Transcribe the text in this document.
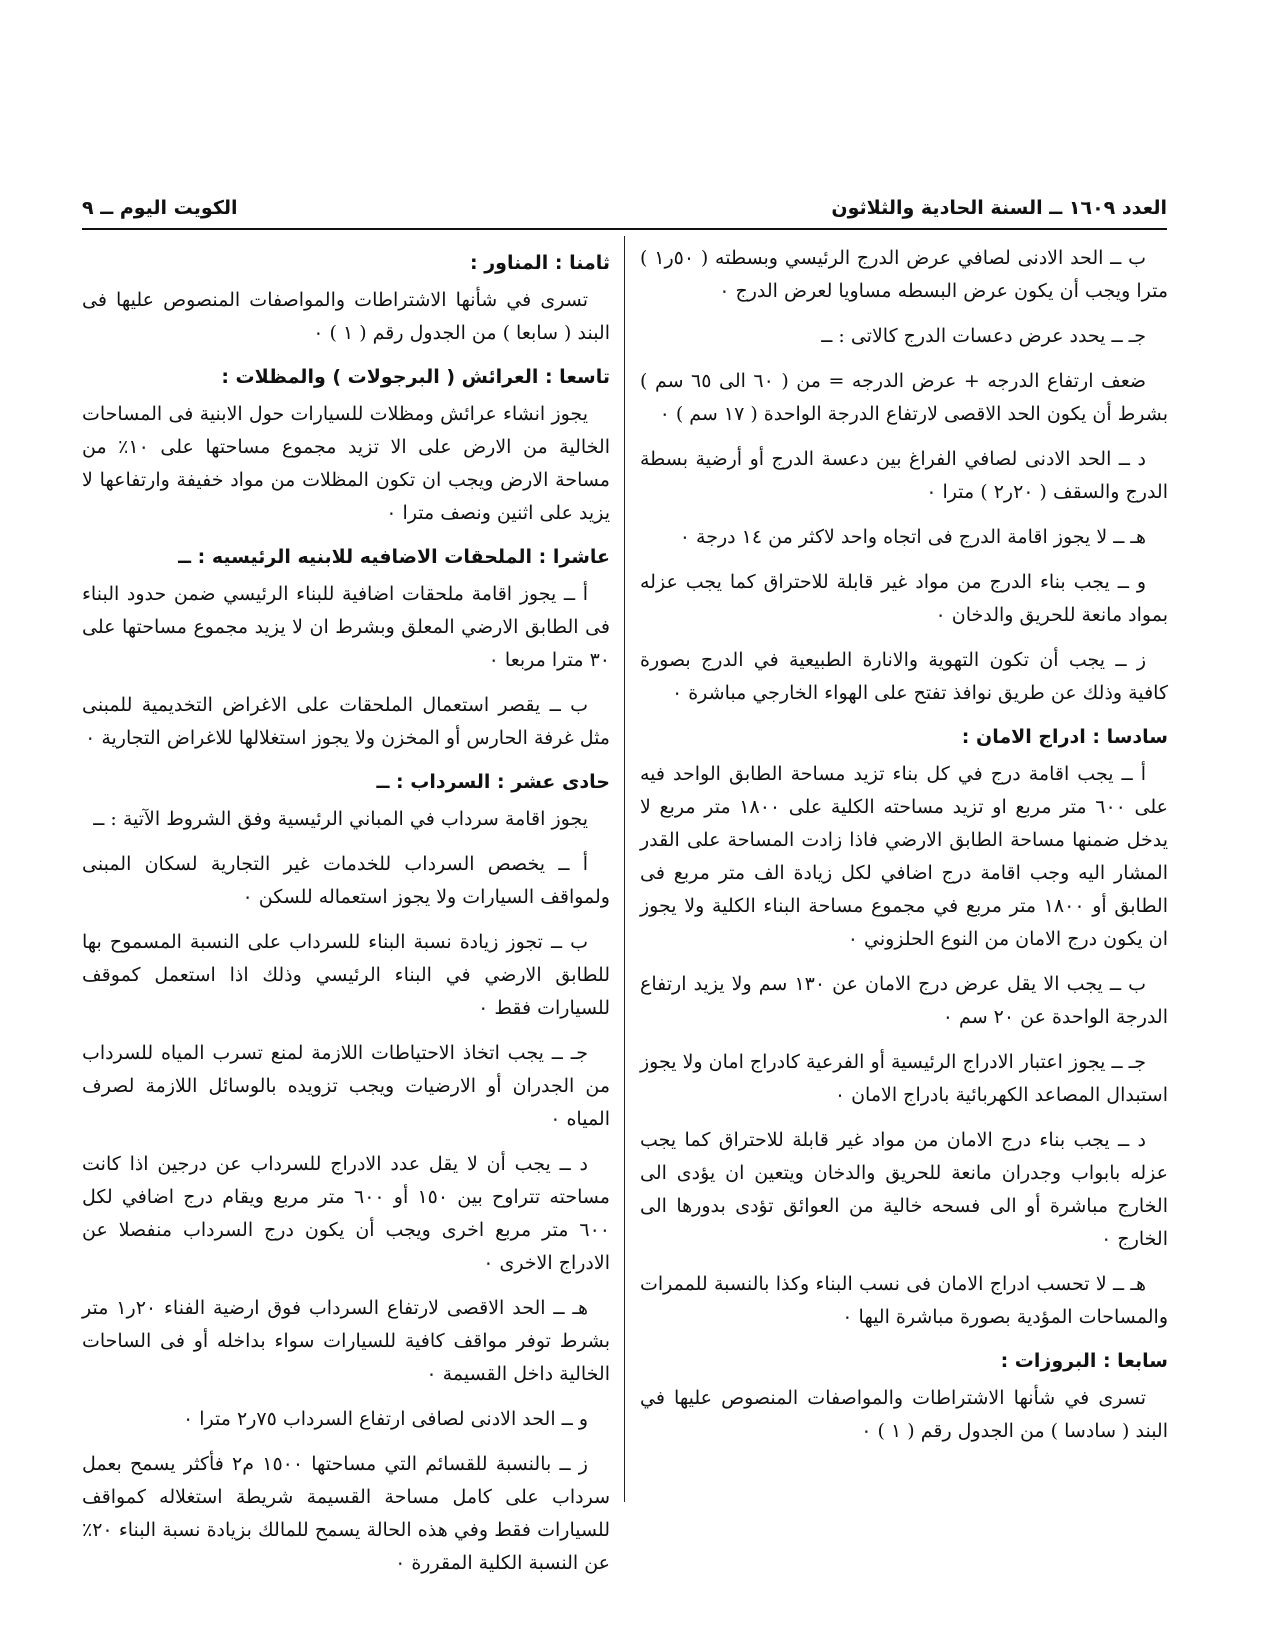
العدد ١٦٠٩ ــ السنة الحادية والثلاثون
الكويت اليوم ــ ٩

ب ــ الحد الادنى لصافي عرض الدرج الرئيسي وبسطته ( ٥٠ر١ ) مترا ويجب أن يكون عرض البسطه مساويا لعرض الدرج ٠

جـ ــ يحدد عرض دعسات الدرج كالاتى : ــ

ضعف ارتفاع الدرجه + عرض الدرجه = من ( ٦٠ الى ٦٥ سم ) بشرط أن يكون الحد الاقصى لارتفاع الدرجة الواحدة ( ١٧ سم ) ٠

د ــ الحد الادنى لصافي الفراغ بين دعسة الدرج أو أرضية بسطة الدرج والسقف ( ٢٠ر٢ ) مترا ٠

هـ ــ لا يجوز اقامة الدرج فى اتجاه واحد لاكثر من ١٤ درجة ٠

و ــ يجب بناء الدرج من مواد غير قابلة للاحتراق كما يجب عزله بمواد مانعة للحريق والدخان ٠

ز ــ يجب أن تكون التهوية والانارة الطبيعية في الدرج بصورة كافية وذلك عن طريق نوافذ تفتح على الهواء الخارجي مباشرة ٠

سادسا : ادراج الامان :

أ ــ يجب اقامة درج في كل بناء تزيد مساحة الطابق الواحد فيه على ٦٠٠ متر مربع او تزيد مساحته الكلية على ١٨٠٠ متر مربع لا يدخل ضمنها مساحة الطابق الارضي فاذا زادت المساحة على القدر المشار اليه وجب اقامة درج اضافي لكل زيادة الف متر مربع فى الطابق أو ١٨٠٠ متر مربع في مجموع مساحة البناء الكلية ولا يجوز ان يكون درج الامان من النوع الحلزوني ٠

ب ــ يجب الا يقل عرض درج الامان عن ١٣٠ سم ولا يزيد ارتفاع الدرجة الواحدة عن ٢٠ سم ٠

جـ ــ يجوز اعتبار الادراج الرئيسية أو الفرعية كادراج امان ولا يجوز استبدال المصاعد الكهربائية بادراج الامان ٠

د ــ يجب بناء درج الامان من مواد غير قابلة للاحتراق كما يجب عزله بابواب وجدران مانعة للحريق والدخان ويتعين ان يؤدى الى الخارج مباشرة أو الى فسحه خالية من العوائق تؤدى بدورها الى الخارج ٠

هـ ــ لا تحسب ادراج الامان فى نسب البناء وكذا بالنسبة للممرات والمساحات المؤدية بصورة مباشرة اليها ٠

سابعا : البروزات :

تسرى في شأنها الاشتراطات والمواصفات المنصوص عليها في البند ( سادسا ) من الجدول رقم ( ١ ) ٠

ثامنا : المناور :

تسرى في شأنها الاشتراطات والمواصفات المنصوص عليها فى البند ( سابعا ) من الجدول رقم ( ١ ) ٠

تاسعا : العرائش ( البرجولات ) والمظلات :

يجوز انشاء عرائش ومظلات للسيارات حول الابنية فى المساحات الخالية من الارض على الا تزيد مجموع مساحتها على ١٠٪ من مساحة الارض ويجب ان تكون المظلات من مواد خفيفة وارتفاعها لا يزيد على اثنين ونصف مترا ٠

عاشرا : الملحقات الاضافيه للابنيه الرئيسيه : ــ

أ ــ يجوز اقامة ملحقات اضافية للبناء الرئيسي ضمن حدود البناء فى الطابق الارضي المعلق وبشرط ان لا يزيد مجموع مساحتها على ٣٠ مترا مربعا ٠

ب ــ يقصر استعمال الملحقات على الاغراض التخديمية للمبنى مثل غرفة الحارس أو المخزن ولا يجوز استغلالها للاغراض التجارية ٠

حادى عشر : السرداب : ــ

يجوز اقامة سرداب في المباني الرئيسية وفق الشروط الآتية : ــ

أ ــ يخصص السرداب للخدمات غير التجارية لسكان المبنى ولمواقف السيارات ولا يجوز استعماله للسكن ٠

ب ــ تجوز زيادة نسبة البناء للسرداب على النسبة المسموح بها للطابق الارضي في البناء الرئيسي وذلك اذا استعمل كموقف للسيارات فقط ٠

جـ ــ يجب اتخاذ الاحتياطات اللازمة لمنع تسرب المياه للسرداب من الجدران أو الارضيات ويجب تزويده بالوسائل اللازمة لصرف المياه ٠

د ــ يجب أن لا يقل عدد الادراج للسرداب عن درجين اذا كانت مساحته تتراوح بين ١٥٠ أو ٦٠٠ متر مربع ويقام درج اضافي لكل ٦٠٠ متر مربع اخرى ويجب أن يكون درج السرداب منفصلا عن الادراج الاخرى ٠

هـ ــ الحد الاقصى لارتفاع السرداب فوق ارضية الفناء ٢٠ر١ متر بشرط توفر مواقف كافية للسيارات سواء بداخله أو فى الساحات الخالية داخل القسيمة ٠

و ــ الحد الادنى لصافى ارتفاع السرداب ٧٥ر٢ مترا ٠

ز ــ بالنسبة للقسائم التي مساحتها ١٥٠٠ م٢ فأكثر يسمح بعمل سرداب على كامل مساحة القسيمة شريطة استغلاله كمواقف للسيارات فقط وفي هذه الحالة يسمح للمالك بزيادة نسبة البناء ٢٠٪ عن النسبة الكلية المقررة ٠
